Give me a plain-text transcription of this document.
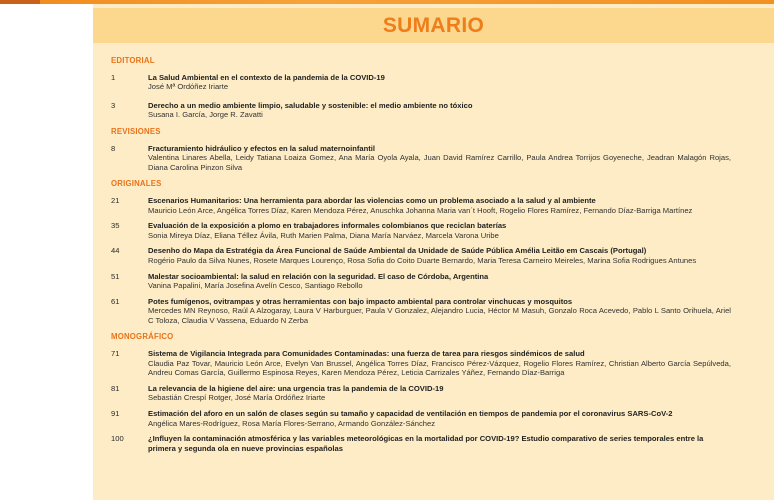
SUMARIO
EDITORIAL
1	La Salud Ambiental en el contexto de la pandemia de la COVID-19
José Mª Ordóñez Iriarte
3	Derecho a un medio ambiente limpio, saludable y sostenible: el medio ambiente no tóxico
Susana I. García, Jorge R. Zavatti
REVISIONES
8	Fracturamiento hidráulico y efectos en la salud maternoinfantil
Valentina Linares Abella, Leidy Tatiana Loaiza Gomez, Ana María Oyola Ayala, Juan David Ramírez Carrillo, Paula Andrea Torrijos Goyeneche, Jeadran Malagón Rojas, Diana Carolina Pinzon Silva
ORIGINALES
21	Escenarios Humanitarios: Una herramienta para abordar las violencias como un problema asociado a la salud y al ambiente
Mauricio León Arce, Angélica Torres Díaz, Karen Mendoza Pérez, Anuschka Johanna Maria van´t Hooft, Rogelio Flores Ramírez, Fernando Díaz-Barriga Martínez
35	Evaluación de la exposición a plomo en trabajadores informales colombianos que reciclan baterías
Sonia Mireya Díaz, Eliana Téllez Ávila, Ruth Marien Palma, Diana María Narváez, Marcela Varona Uribe
44	Desenho do Mapa da Estratégia da Área Funcional de Saúde Ambiental da Unidade de Saúde Pública Amélia Leitão em Cascais (Portugal)
Rogério Paulo da Silva Nunes, Rosete Marques Lourenço, Rosa Sofia do Coito Duarte Bernardo, Maria Teresa Carneiro Meireles, Marina Sofia Rodrigues Antunes
51	Malestar socioambiental: la salud en relación con la seguridad. El caso de Córdoba, Argentina
Vanina Papalini, María Josefina Avelín Cesco, Santiago Rebollo
61	Potes fumígenos, ovitrampas y otras herramientas con bajo impacto ambiental para controlar vinchucas y mosquitos
Mercedes MN Reynoso, Raúl A Alzogaray, Laura V Harburguer, Paula V Gonzalez, Alejandro Lucia, Héctor M Masuh, Gonzalo Roca Acevedo, Pablo L Santo Orihuela, Ariel C Toloza, Claudia V Vassena, Eduardo N Zerba
MONOGRÁFICO
71	Sistema de Vigilancia Integrada para Comunidades Contaminadas: una fuerza de tarea para riesgos sindémicos de salud
Claudia Paz Tovar, Mauricio León Arce, Evelyn Van Brussel, Angélica Torres Díaz, Francisco Pérez-Vázquez, Rogelio Flores Ramírez, Christian Alberto García Sepúlveda, Andreu Comas García, Guillermo Espinosa Reyes, Karen Mendoza Pérez, Leticia Carrizales Yáñez, Fernando Díaz-Barriga
81	La relevancia de la higiene del aire: una urgencia tras la pandemia de la COVID-19
Sebastián Crespí Rotger, José María Ordóñez Iriarte
91	Estimación del aforo en un salón de clases según su tamaño y capacidad de ventilación en tiempos de pandemia por el coronavirus SARS-CoV-2
Angélica Mares-Rodríguez, Rosa María Flores-Serrano, Armando González-Sánchez
100	¿Influyen la contaminación atmosférica y las variables meteorológicas en la mortalidad por COVID-19? Estudio comparativo de series temporales entre la primera y segunda ola en nueve provincias españolas
